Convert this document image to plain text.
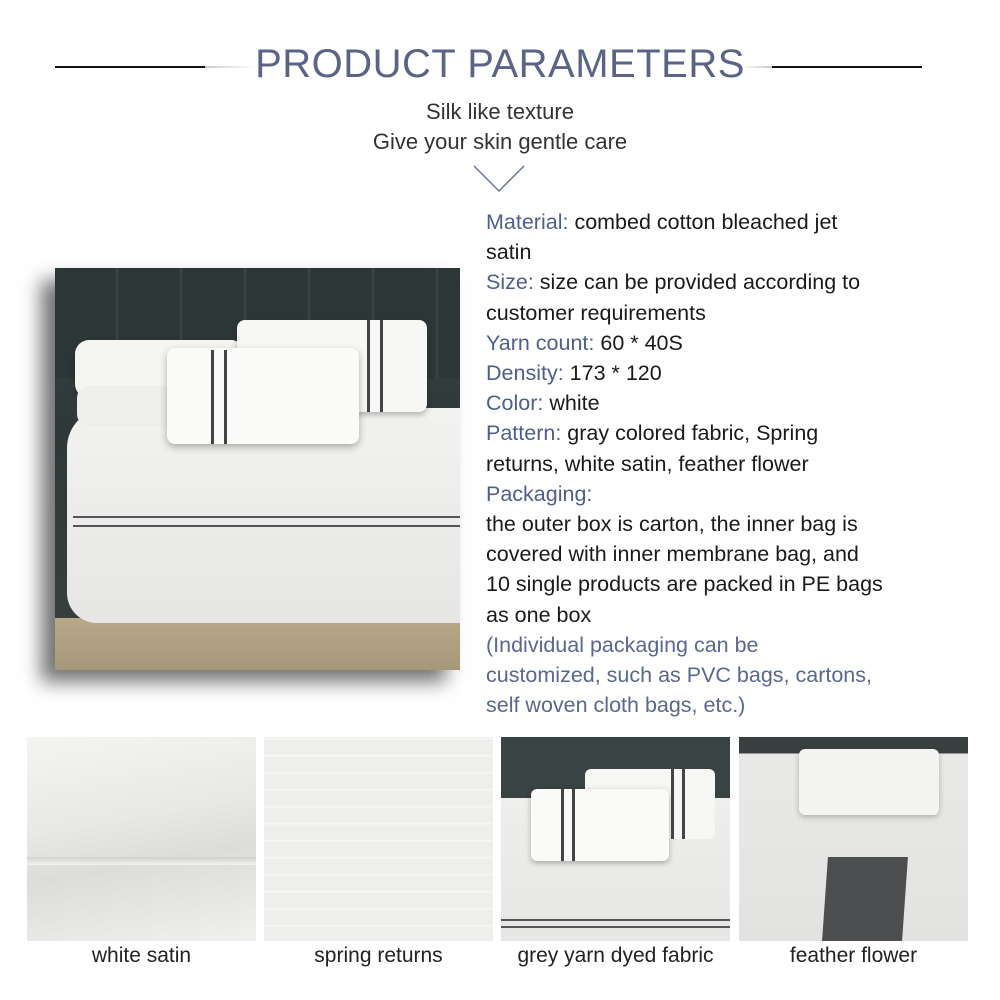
PRODUCT PARAMETERS
Silk like texture
Give your skin gentle care
Material: combed cotton bleached jet
satin
Size: size can be provided according to
customer requirements
Yarn count: 60 * 40S
Density: 173 * 120
Color: white
Pattern: gray colored fabric, Spring
returns, white satin, feather flower
Packaging:
the outer box is carton, the inner bag is
covered with inner membrane bag, and
10 single products are packed in PE bags
as one box
(Individual packaging can be
customized, such as PVC bags, cartons,
self woven cloth bags, etc.)
white satin	spring returns	grey yarn dyed fabric	feather flower
